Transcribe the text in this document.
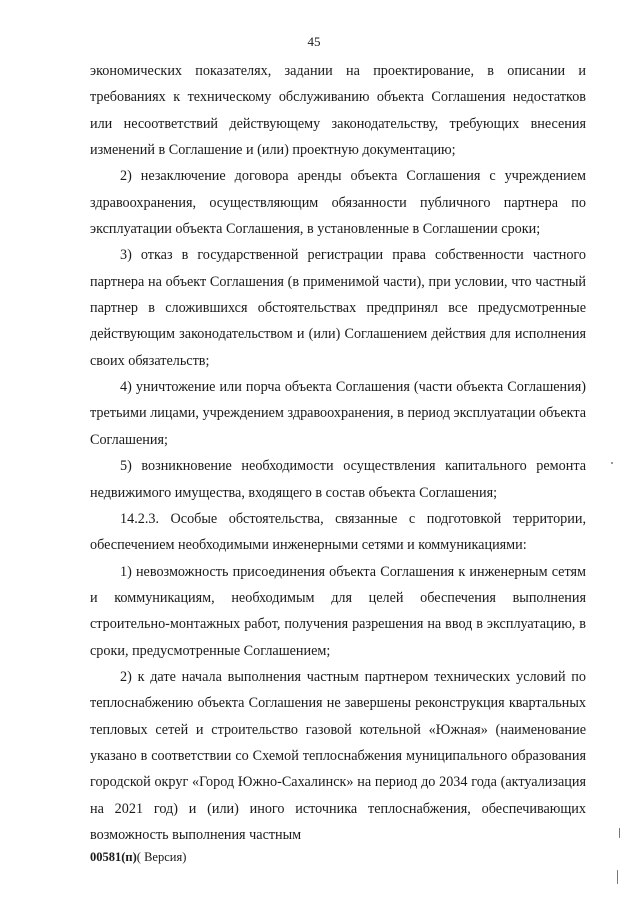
45

экономических показателях, задании на проектирование, в описании и требованиях к техническому обслуживанию объекта Соглашения недостатков или несоответствий действующему законодательству, требующих внесения изменений в Соглашение и (или) проектную документацию;

2) незаключение договора аренды объекта Соглашения с учреждением здравоохранения, осуществляющим обязанности публичного партнера по эксплуатации объекта Соглашения, в установленные в Соглашении сроки;

3) отказ в государственной регистрации права собственности частного партнера на объект Соглашения (в применимой части), при условии, что частный партнер в сложившихся обстоятельствах предпринял все предусмотренные действующим законодательством и (или) Соглашением действия для исполнения своих обязательств;

4) уничтожение или порча объекта Соглашения (части объекта Соглашения) третьими лицами, учреждением здравоохранения, в период эксплуатации объекта Соглашения;

5) возникновение необходимости осуществления капитального ремонта недвижимого имущества, входящего в состав объекта Соглашения;

14.2.3. Особые обстоятельства, связанные с подготовкой территории, обеспечением необходимыми инженерными сетями и коммуникациями:

1) невозможность присоединения объекта Соглашения к инженерным сетям и коммуникациям, необходимым для целей обеспечения выполнения строительно-монтажных работ, получения разрешения на ввод в эксплуатацию, в сроки, предусмотренные Соглашением;

2) к дате начала выполнения частным партнером технических условий по теплоснабжению объекта Соглашения не завершены реконструкция квартальных тепловых сетей и строительство газовой котельной «Южная» (наименование указано в соответствии со Схемой теплоснабжения муниципального образования городской округ «Город Южно-Сахалинск» на период до 2034 года (актуализация на 2021 год) и (или) иного источника теплоснабжения, обеспечивающих возможность выполнения частным

00581(п)( Версия)
